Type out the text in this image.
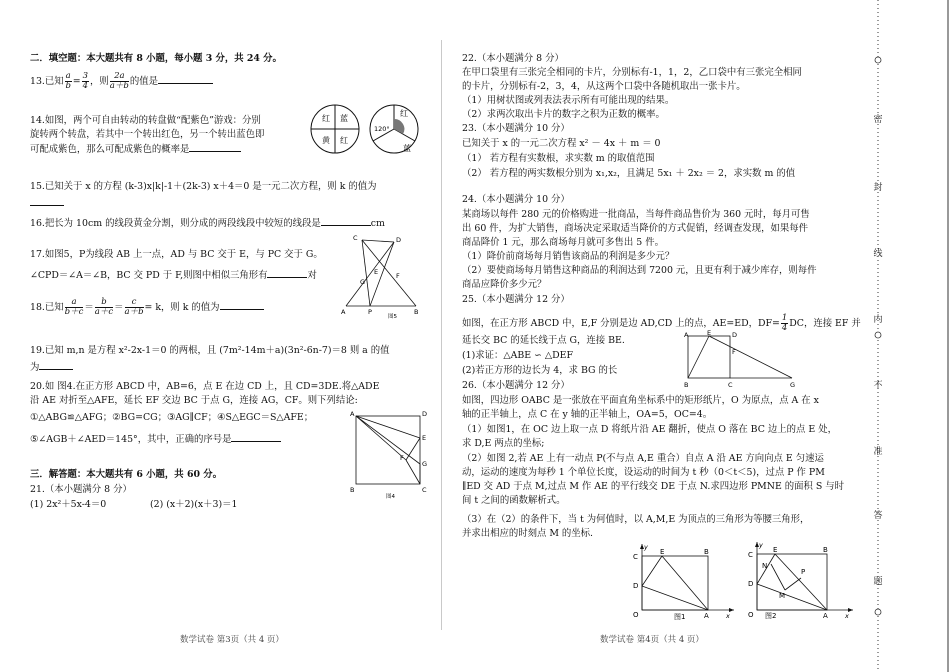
二．填空题：本大题共有 8 小题，每小题 3 分，共 24 分。
13.已知 $\frac{a}{b} = \frac{3}{4}$ ，则 $\frac{2a}{a+b}$ 的值是
14.如图，两个可自由转动的转盘做“配紫色”游戏：分别
旋转两个转盘，若其中一个转出红色，另一个转出蓝色即
可配成紫色，那么可配成紫色的概率是
红 蓝
黄 红
红
120°
蓝
15.已知关于 x 的方程 (k-3)x|k|-1＋(2k-3) x＋4＝0 是一元二次方程，则 k 的值为
16.把长为 10cm 的线段黄金分割，则分成的两段线段中较短的线段是	cm
17.如图5，P为线段 AB 上一点，AD 与 BC 交于 E，与 PC 交于 G。
∠CPD＝∠A＝∠B，BC 交 PD 于 F,则图中相似三角形有	对
C	D
E	F
G
A	P	B
图5
18.已知 $\frac{a}{b+c} = \frac{b}{a+c} = \frac{c}{a+b} = k$，则 k 的值为
19.已知 m,n 是方程 x²-2x-1＝0 的两根，且 (7m²-14m＋a)(3n²-6n-7)＝8 则 a 的值
为
20.如 图4.在正方形 ABCD 中，AB=6，点 E 在边 CD 上，且 CD=3DE.将△ADE
沿 AE 对折至△AFE，延长 EF 交边 BC 于点 G，连接 AG，CF。则下列结论:
①△ABG≌△AFG；②BG=CG；③AG∥CF；④S△EGC＝S△AFE；
⑤∠AGB＋∠AED＝145°，其中，正确的序号是
A	D
E
F
G
B	C
图4
三．解答题：本大题共有 6 小题，共 60 分。
21.（本小题满分 8 分）
(1) 2x²＋5x-4＝0	(2) (x＋2)(x＋3)＝1
数学试卷 第3页（共 4 页）
22.（本小题满分 8 分）
在甲口袋里有三张完全相同的卡片，分别标有-1，1，2，乙口袋中有三张完全相同
的卡片，分别标有-2，3，4，从这两个口袋中各随机取出一张卡片。
（1）用树状图或列表法表示所有可能出现的结果。
（2）求两次取出卡片的数字之积为正数的概率。
23.（本小题满分 10 分）
已知关于 x 的一元二次方程 x² － 4x ＋ m ＝ 0
（1） 若方程有实数根，求实数 m 的取值范围
（2） 若方程的两实数根分别为 x₁,x₂，且满足 5x₁ ＋ 2x₂ ＝ 2，求实数 m 的值
24.（本小题满分 10 分）
某商场以每件 280 元的价格购进一批商品，当每件商品售价为 360 元时，每月可售
出 60 件，为扩大销售，商场决定采取适当降价的方式促销，经调查发现，如果每件
商品降价 1 元，那么商场每月就可多售出 5 件。
（1）降价前商场每月销售该商品的利润是多少元？
（2）要使商场每月销售这种商品的利润达到 7200 元，且更有利于减少库存，则每件
商品应降价多少元？
25.（本小题满分 12 分）
如图，在正方形 ABCD 中，E,F 分别是边 AD,CD 上的点，AE=ED，$DF= \frac{1}{4}$ DC，连接 EF 并
延长交 BC 的延长线于点 G，连接 BE.
(1)求证：△ABE ∽ △DEF
(2)若正方形的边长为 4，求 BG 的长
A	E	D
F
B	C	G
26.（本小题满分 12 分）
如图，四边形 OABC 是一张放在平面直角坐标系中的矩形纸片，O 为原点，点 A 在 x
轴的正半轴上，点 C 在 y 轴的正半轴上，OA=5，OC=4。
（1）如图1，在 OC 边上取一点 D 将纸片沿 AE 翻折，使点 O 落在 BC 边上的点 E 处，
求 D,E 两点的坐标;
（2）如图 2,若 AE 上有一动点 P(不与点 A,E 重合）自点 A 沿 AE 方向向点 E 匀速运
动，运动的速度为每秒 1 个单位长度，设运动的时间为 t 秒（0＜t＜5)，过点 P 作 PM
∥ED 交 AD 于点 M,过点 M 作 AE 的平行线交 DE 于点 N.求四边形 PMNE 的面积 S 与时
间 t 之间的函数解析式。
（3）在（2）的条件下，当 t 为何值时，以 A,M,E 为顶点的三角形为等腰三角形，
并求出相应的时刻点 M 的坐标.
y
C
E	B
D
O	A	x
图1
y
C
E	B
N
P
D
M
O	A	x
图2
数学试卷 第4页（共 4 页）
密
封
线
内
不
准
答
题
